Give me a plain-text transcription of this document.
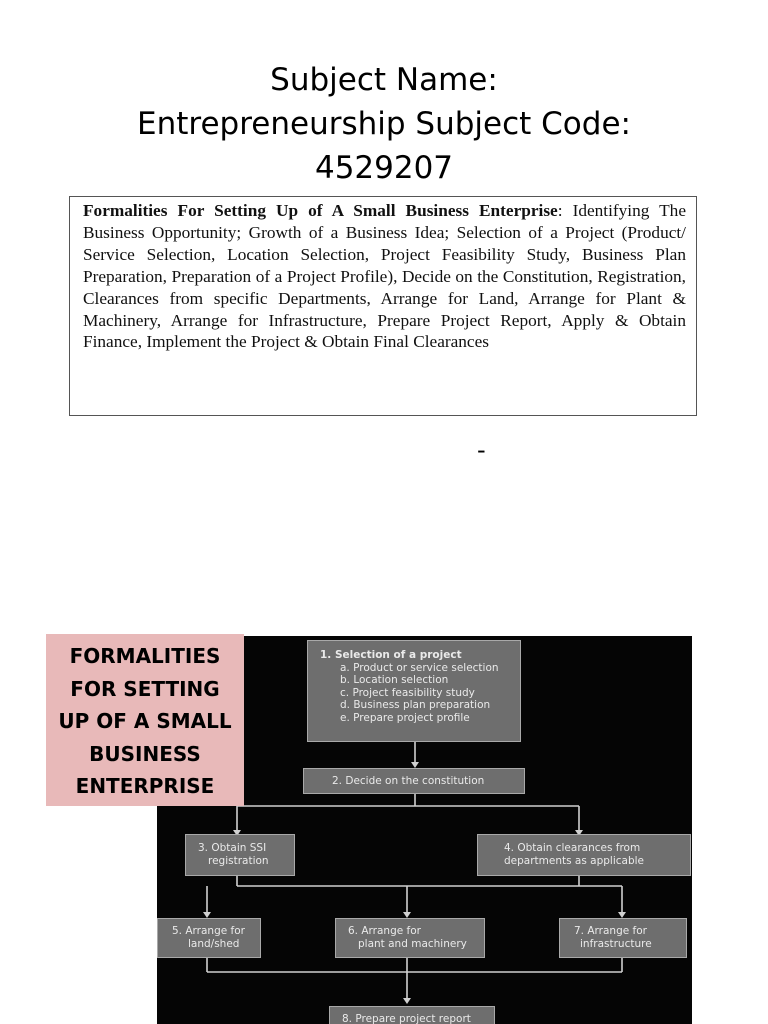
Subject Name:
Entrepreneurship Subject Code:
4529207
Formalities For Setting Up of A Small Business Enterprise: Identifying The Business Opportunity; Growth of a Business Idea; Selection of a Project (Product/ Service Selection, Location Selection, Project Feasibility Study, Business Plan Preparation, Preparation of a Project Profile), Decide on the Constitution, Registration, Clearances from specific Departments, Arrange for Land, Arrange for Plant & Machinery, Arrange for Infrastructure, Prepare Project Report, Apply & Obtain Finance, Implement the Project & Obtain Final Clearances
-
FORMALITIES
FOR SETTING
UP OF A SMALL
BUSINESS
ENTERPRISE
1. Selection of a project
a. Product or service selection
b. Location selection
c. Project feasibility study
d. Business plan preparation
e. Prepare project profile
2. Decide on the constitution
3. Obtain SSI
registration
4. Obtain clearances from
departments as applicable
5. Arrange for
land/shed
6. Arrange for
plant and machinery
7. Arrange for
infrastructure
8. Prepare project report
